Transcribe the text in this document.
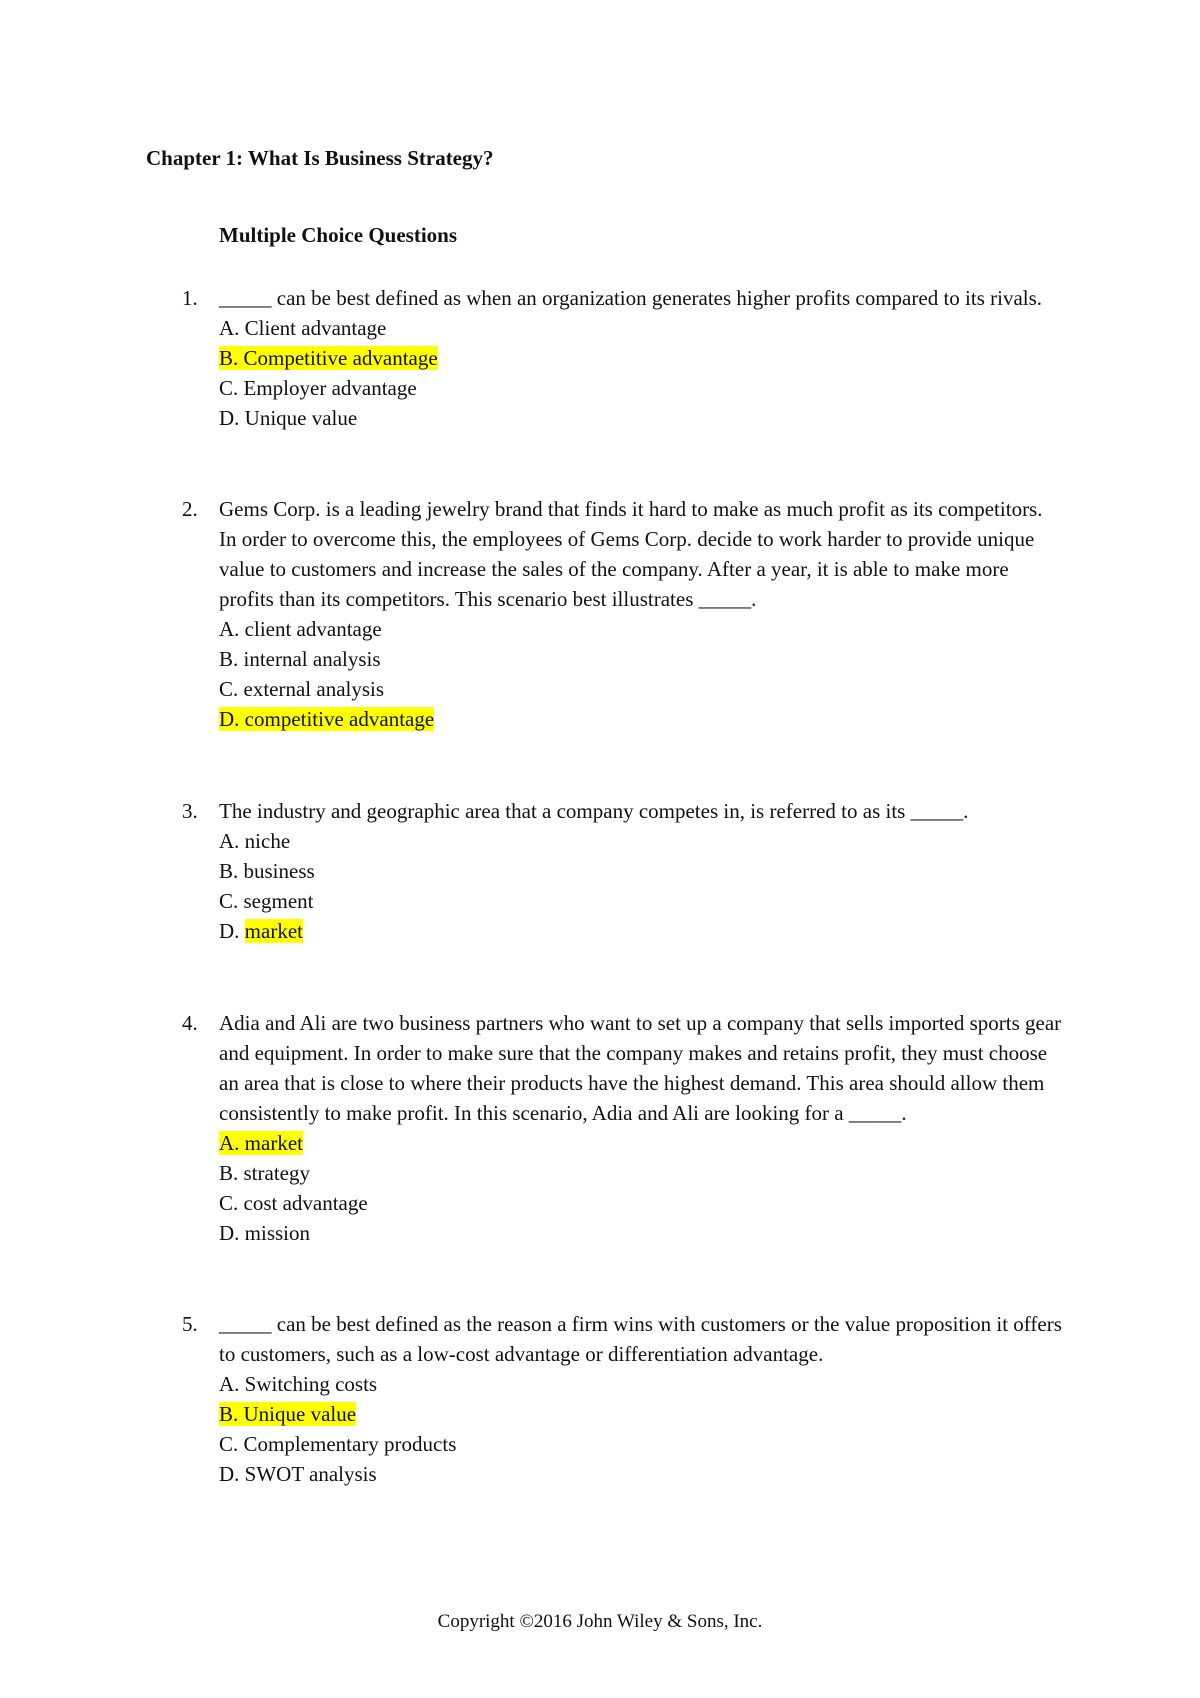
Chapter 1: What Is Business Strategy?
Multiple Choice Questions
1. _____ can be best defined as when an organization generates higher profits compared to its rivals.

A. Client advantage
B. Competitive advantage
C. Employer advantage
D. Unique value
2. Gems Corp. is a leading jewelry brand that finds it hard to make as much profit as its competitors. In order to overcome this, the employees of Gems Corp. decide to work harder to provide unique value to customers and increase the sales of the company. After a year, it is able to make more profits than its competitors. This scenario best illustrates _____.

A. client advantage
B. internal analysis
C. external analysis
D. competitive advantage
3. The industry and geographic area that a company competes in, is referred to as its _____.

A. niche
B. business
C. segment
D. market
4. Adia and Ali are two business partners who want to set up a company that sells imported sports gear and equipment. In order to make sure that the company makes and retains profit, they must choose an area that is close to where their products have the highest demand. This area should allow them consistently to make profit. In this scenario, Adia and Ali are looking for a _____.

A. market
B. strategy
C. cost advantage
D. mission
5. _____ can be best defined as the reason a firm wins with customers or the value proposition it offers to customers, such as a low-cost advantage or differentiation advantage.

A. Switching costs
B. Unique value
C. Complementary products
D. SWOT analysis

Copyright ©2016 John Wiley & Sons, Inc.
